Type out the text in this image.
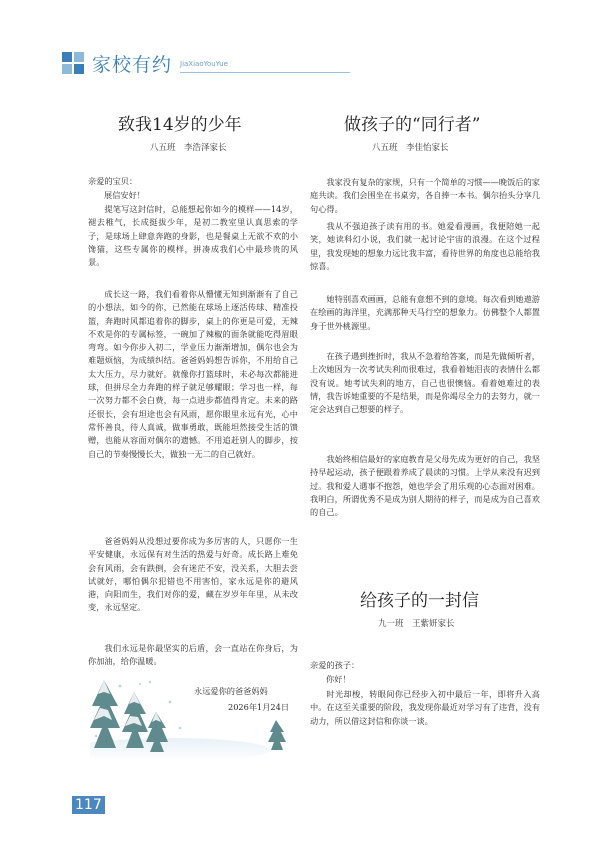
家校有约 JiaXiaoYouYue
致我14岁的少年
八五班　李浩泽家长
亲爱的宝贝：
展信安好！

提笔写这封信时，总能想起你如今的模样——14岁，褪去稚气，长成挺拔少年，是初二教室里认真思索的学子，是球场上肆意奔跑的身影，也是餐桌上无欲不欢的小馋猫，这些专属你的模样，拼凑成我们心中最珍贵的风景。

成长这一路，我们看着你从懵懂无知到渐渐有了自己的小想法，如今的你，已然能在球场上逐活传球、精准投篮，奔跑时风都追着你的脚步，桌上的你更是可爱，无辣不欢是你的专属标签，一碗加了辣椒的面条就能吃得眉眼弯弯。如今你步入初二，学业压力渐渐增加，偶尔也会为难题烦恼，为成绩纠结。爸爸妈妈想告诉你，不用给自己太大压力，尽力就好。就像你打篮球时，未必每次都能进球，但拼尽全力奔跑的样子就足够耀眼；学习也一样，每一次努力都不会白费，每一点进步都值得肯定。未来的路还很长，会有坦途也会有风雨，愿你眼里永远有光，心中常怀善良，待人真诚，做事勇敢，既能坦然接受生活的馈赠，也能从容面对偶尔的遗憾。不用追赶别人的脚步，按自己的节奏慢慢长大，做独一无二的自己就好。

爸爸妈妈从没想过要你成为多厉害的人，只愿你一生平安健康，永远保有对生活的热爱与好奇。成长路上难免会有风雨，会有跌倒，会有迷茫不安，没关系，大胆去尝试就好，哪怕偶尔犯错也不用害怕，家永远是你的避风港，向阳而生，我们对你的爱，藏在岁岁年年里，从未改变，永远坚定。

我们永远是你最坚实的后盾，会一直站在你身后，为你加油，给你温暖。

永远爱你的爸爸妈妈
2026年1月24日
做孩子的“同行者”
八五班　李佳怡家长

我家没有复杂的家规，只有一个简单的习惯——晚饭后的家庭共读。我们会围坐在书桌旁，各自捧一本书。偶尔抬头分享几句心得。

我从不强迫孩子读有用的书。她爱看漫画，我便陪她一起笑，她读科幻小说，我们就一起讨论宇宙的浪漫。在这个过程里，我发现她的想象力远比我丰富，看待世界的角度也总能给我惊喜。

她特别喜欢画画，总能有意想不到的意境。每次看到她遨游在绘画的海洋里，充满那种天马行空的想象力。仿佛整个人都置身于世外桃源里。

在孩子遇到挫折时，我从不急着给答案，而是先做倾听者，上次她因为一次考试失利而很难过，我看着她泪丧的表情什么都没有说。她考试失利的地方，自己也很懊恼。看着她难过的表情，我告诉她重要的不是结果，而是你竭尽全力的去努力，就一定会达到自己想要的样子。

我始终相信最好的家庭教育是父母先成为更好的自己，我坚持早起运动，孩子便跟着养成了晨读的习惯。上学从来没有迟到过。我和爱人遇事不抱怨，她也学会了用乐观的心态面对困难。我明白，所谓优秀不是成为别人期待的样子，而是成为自己喜欢的自己。

给孩子的一封信
九一班　王紫妍家长
亲爱的孩子：
你好！

时光却梭，转眼间你已经步入初中最后一年，即将升入高中。在这至关重要的阶段，我发现你最近对学习有了违背，没有动力，所以借这封信和你谈一谈。

117
